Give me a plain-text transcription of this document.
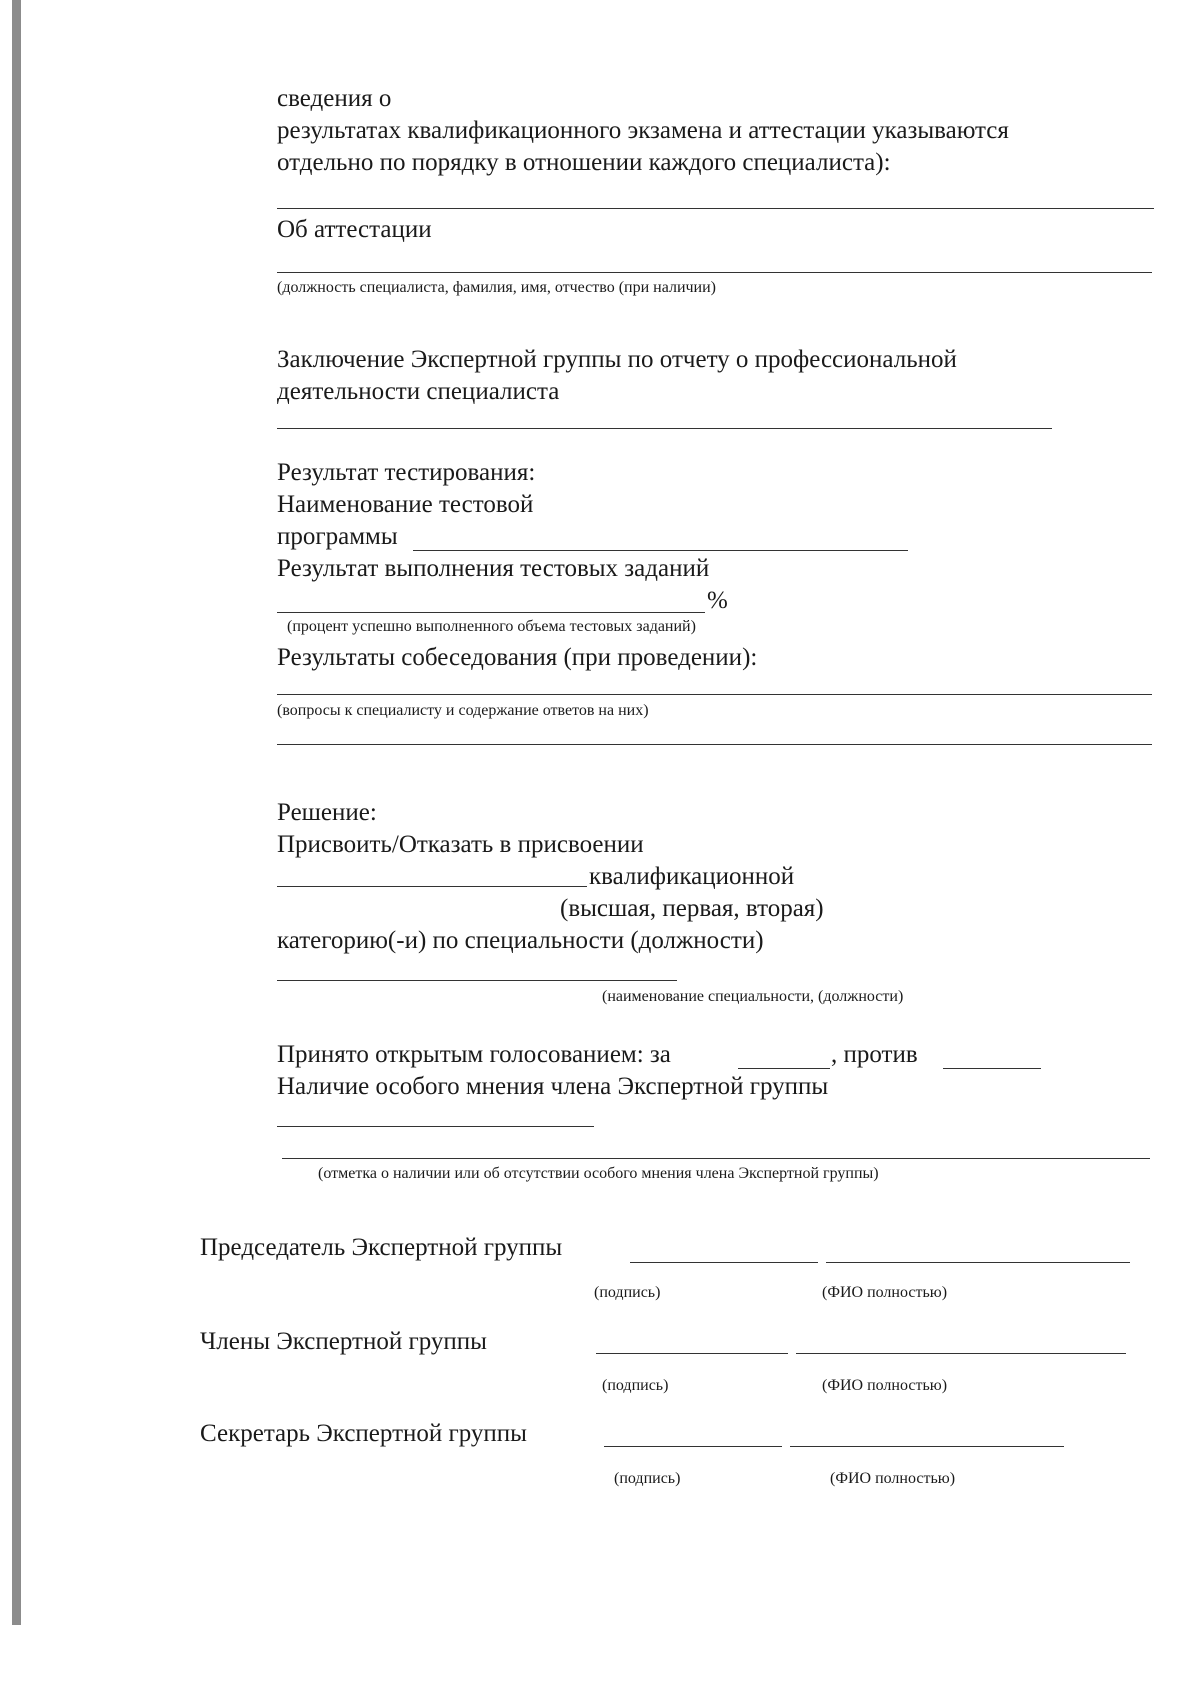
сведения о
результатах квалификационного экзамена и аттестации указываются
отдельно по порядку в отношении каждого специалиста):
Об аттестации
(должность специалиста, фамилия, имя, отчество (при наличии)
Заключение Экспертной группы по отчету о профессиональной
деятельности специалиста
Результат тестирования:
Наименование тестовой
программы
Результат выполнения тестовых заданий
%
(процент успешно выполненного объема тестовых заданий)
Результаты собеседования (при проведении):
(вопросы к специалисту и содержание ответов на них)
Решение:
Присвоить/Отказать в присвоении
квалификационной
(высшая, первая, вторая)
категорию(-и) по специальности (должности)
(наименование специальности, (должности)
Принято открытым голосованием: за	, против
Наличие особого мнения члена Экспертной группы
(отметка о наличии или об отсутствии особого мнения члена Экспертной группы)
Председатель Экспертной группы
(подпись)	(ФИО полностью)
Члены Экспертной группы
(подпись)	(ФИО полностью)
Секретарь Экспертной группы
(подпись)	(ФИО полностью)
